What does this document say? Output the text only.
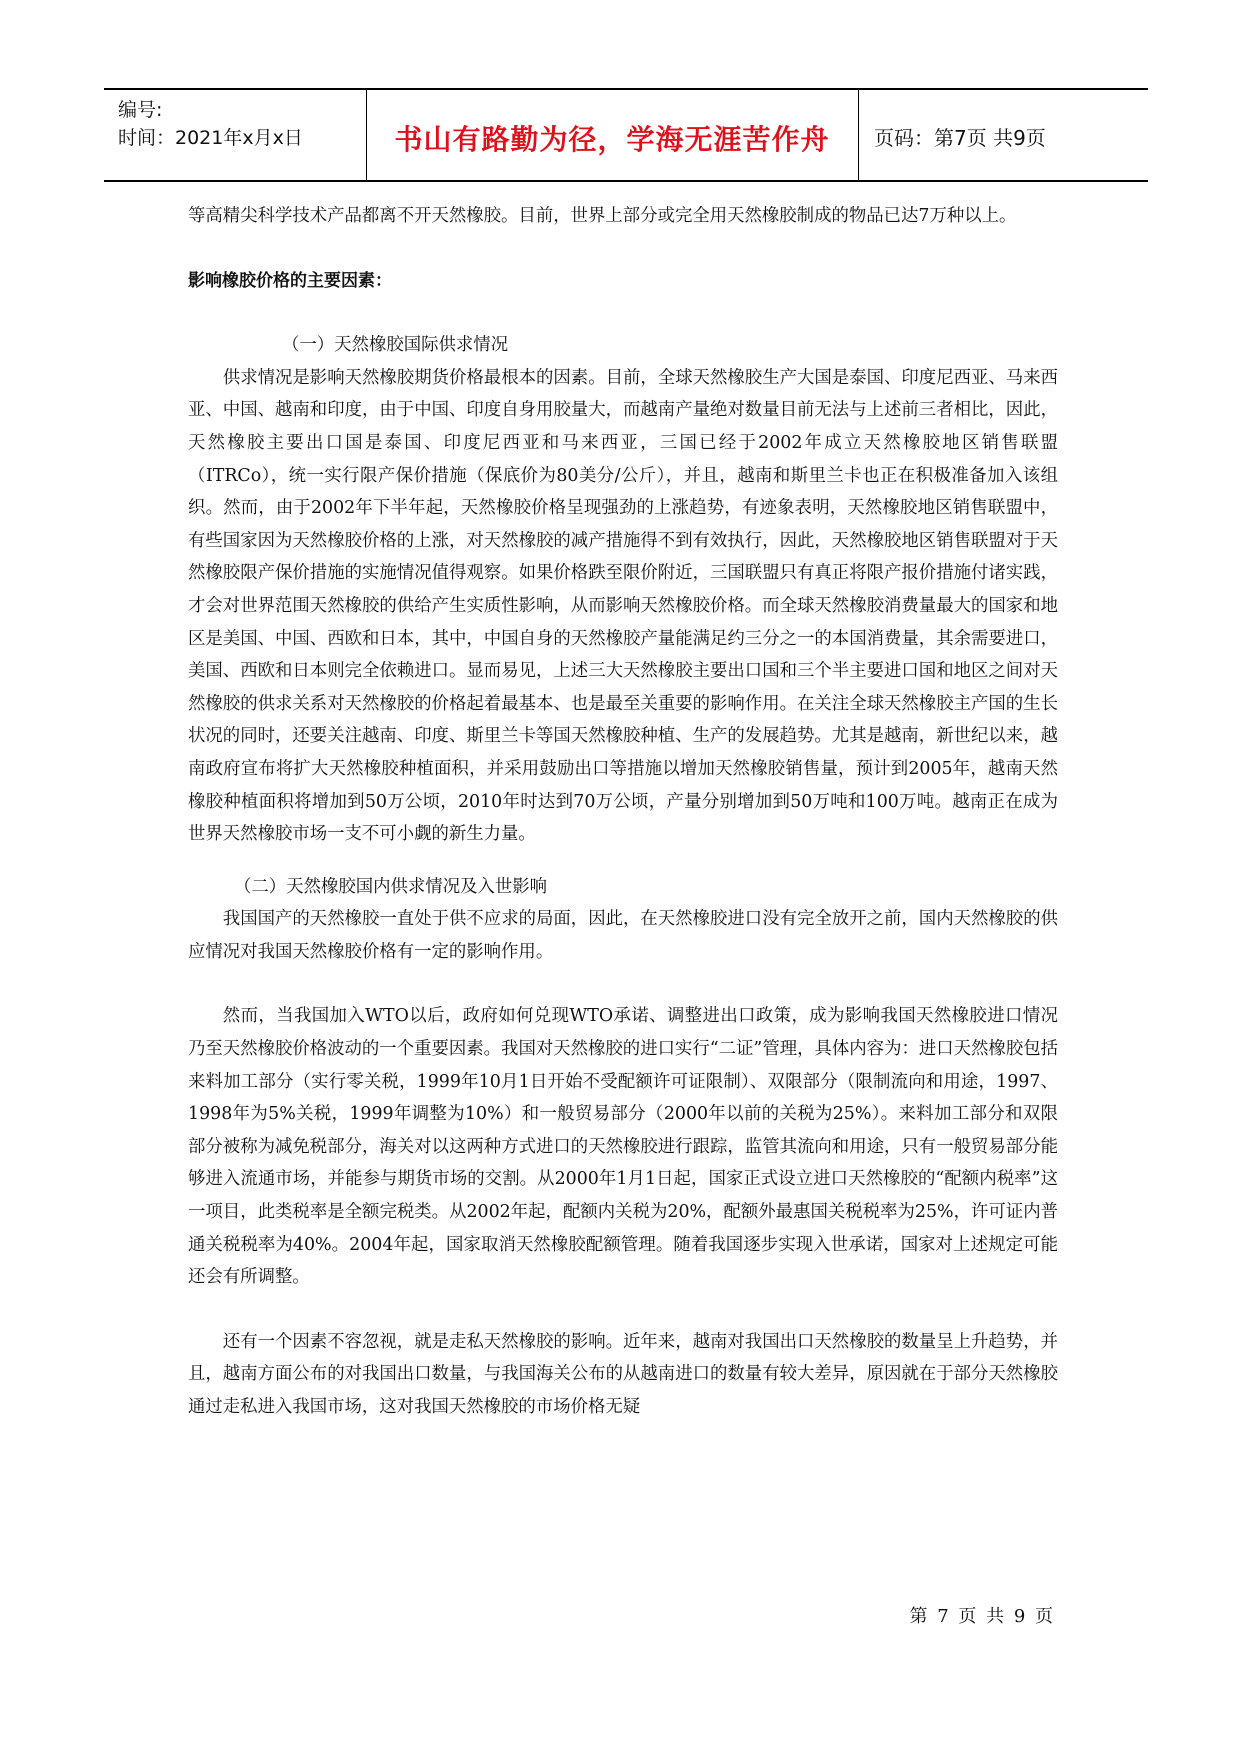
编号:
时间：2021年x月x日	书山有路勤为径，学海无涯苦作舟	页码：第7页 共9页

等高精尖科学技术产品都离不开天然橡胶。目前，世界上部分或完全用天然橡胶制成的物品已达7万种以上。

影响橡胶价格的主要因素：

（一）天然橡胶国际供求情况

供求情况是影响天然橡胶期货价格最根本的因素。目前，全球天然橡胶生产大国是泰国、印度尼西亚、马来西亚、中国、越南和印度，由于中国、印度自身用胶量大，而越南产量绝对数量目前无法与上述前三者相比，因此，天然橡胶主要出口国是泰国、印度尼西亚和马来西亚，三国已经于2002年成立天然橡胶地区销售联盟（ITRCo），统一实行限产保价措施（保底价为80美分/公斤），并且，越南和斯里兰卡也正在积极准备加入该组织。然而，由于2002年下半年起，天然橡胶价格呈现强劲的上涨趋势，有迹象表明，天然橡胶地区销售联盟中，有些国家因为天然橡胶价格的上涨，对天然橡胶的减产措施得不到有效执行，因此，天然橡胶地区销售联盟对于天然橡胶限产保价措施的实施情况值得观察。如果价格跌至限价附近，三国联盟只有真正将限产报价措施付诸实践，才会对世界范围天然橡胶的供给产生实质性影响，从而影响天然橡胶价格。而全球天然橡胶消费量最大的国家和地区是美国、中国、西欧和日本，其中，中国自身的天然橡胶产量能满足约三分之一的本国消费量，其余需要进口，美国、西欧和日本则完全依赖进口。显而易见，上述三大天然橡胶主要出口国和三个半主要进口国和地区之间对天然橡胶的供求关系对天然橡胶的价格起着最基本、也是最至关重要的影响作用。在关注全球天然橡胶主产国的生长状况的同时，还要关注越南、印度、斯里兰卡等国天然橡胶种植、生产的发展趋势。尤其是越南，新世纪以来，越南政府宣布将扩大天然橡胶种植面积，并采用鼓励出口等措施以增加天然橡胶销售量，预计到2005年，越南天然橡胶种植面积将增加到50万公顷，2010年时达到70万公顷，产量分别增加到50万吨和100万吨。越南正在成为世界天然橡胶市场一支不可小觑的新生力量。

（二）天然橡胶国内供求情况及入世影响

我国国产的天然橡胶一直处于供不应求的局面，因此，在天然橡胶进口没有完全放开之前，国内天然橡胶的供应情况对我国天然橡胶价格有一定的影响作用。

然而，当我国加入WTO以后，政府如何兑现WTO承诺、调整进出口政策，成为影响我国天然橡胶进口情况乃至天然橡胶价格波动的一个重要因素。我国对天然橡胶的进口实行“二证”管理，具体内容为：进口天然橡胶包括来料加工部分（实行零关税，1999年10月1日开始不受配额许可证限制）、双限部分（限制流向和用途，1997、1998年为5%关税，1999年调整为10%）和一般贸易部分（2000年以前的关税为25%）。来料加工部分和双限部分被称为减免税部分，海关对以这两种方式进口的天然橡胶进行跟踪，监管其流向和用途，只有一般贸易部分能够进入流通市场，并能参与期货市场的交割。从2000年1月1日起，国家正式设立进口天然橡胶的“配额内税率”这一项目，此类税率是全额完税类。从2002年起，配额内关税为20%，配额外最惠国关税税率为25%，许可证内普通关税税率为40%。2004年起，国家取消天然橡胶配额管理。随着我国逐步实现入世承诺，国家对上述规定可能还会有所调整。

还有一个因素不容忽视，就是走私天然橡胶的影响。近年来，越南对我国出口天然橡胶的数量呈上升趋势，并且，越南方面公布的对我国出口数量，与我国海关公布的从越南进口的数量有较大差异，原因就在于部分天然橡胶通过走私进入我国市场，这对我国天然橡胶的市场价格无疑

第 7 页 共 9 页
